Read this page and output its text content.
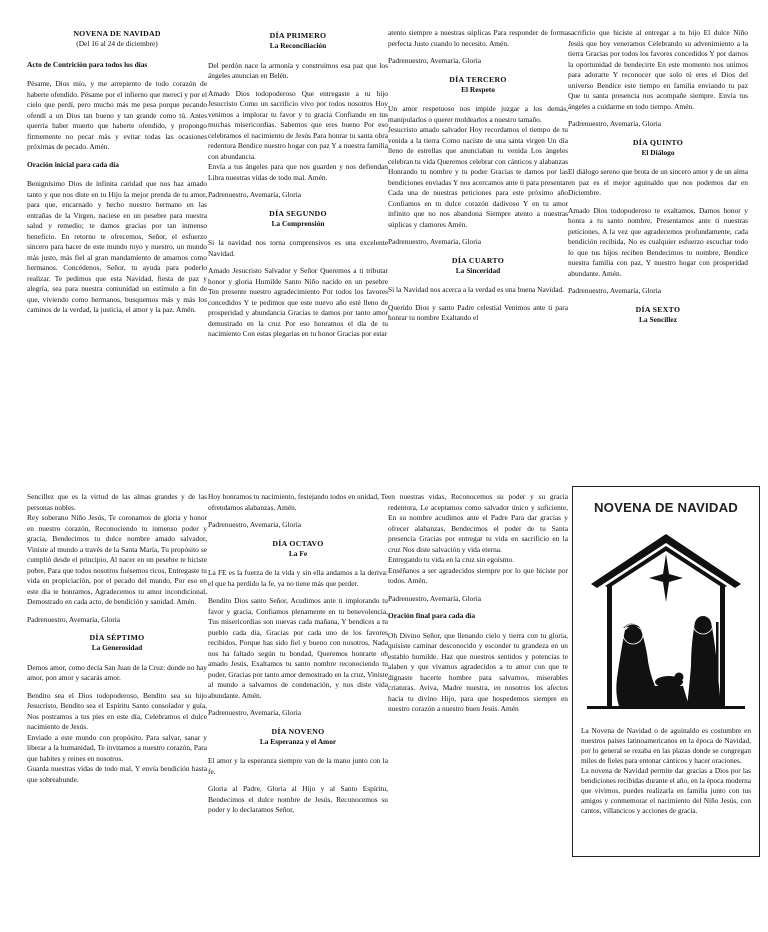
NOVENA DE NAVIDAD
(Del 16 al 24 de diciembre)
Acto de Contrición para todos los días

Pésame, Dios mío, y me arrepiento de todo corazón de haberte ofendido. Pésame por el infierno que merecí y por el cielo que perdí, pero mucho más me pesa porque pecando ofendí a un Dios tan bueno y tan grande como tú. Antes querría haber muerto que haberte ofendido, y propongo firmemente no pecar más y evitar todas las ocasiones próximas de pecado. Amén.

Oración inicial para cada día

Benignísimo Dios de infinita caridad que nos haz amado tanto y que nos diste en tu Hijo la mejor prenda de tu amor, para que, encarnado y hecho nuestro hermano en las entrañas de la Virgen, naciese en un pesebre para nuestra salud y remedio; te damos gracias por tan inmenso beneficio. En retorno te ofrecemos, Señor, el esfuerzo sincero para hacer de este mundo tuyo y nuestro, un mundo más justo, más fiel al gran mandamiento de amarnos como hermanos. Concédenos, Señor, tu ayuda para poderlo realizar. Te pedimos que esta Navidad, fiesta de paz y alegría, sea para nuestra comunidad un estímulo a fin de que, viviendo como hermanos, busquemos más y más los caminos de la verdad, la justicia, el amor y la paz. Amén.

DÍA PRIMERO
La Reconciliación

Del perdón nace la armonía y construimos esa paz que los ángeles anuncian en Belén.

Amado Dios todopoderoso Que entregaste a tu hijo Jesucristo Como un sacrificio vivo por todos nosotros Hoy venimos a implorar tu favor y tu gracia Confiando en tus muchas misericordias. Sabemos que eres bueno Por eso celebramos el nacimiento de Jesús Para honrar tu santa obra redentora Bendice nuestro hogar con paz Y a nuestra familia con abundancia.

Envía a tus ángeles para que nos guarden y nos defiendan Libra nuestras vidas de todo mal. Amén.

Padrenuestro, Avemaría, Gloria

DÍA SEGUNDO
La Comprensión

Si la navidad nos torna comprensivos es una excelente Navidad.

Amado Jesucristo Salvador y Señor Queremos a ti tributar honor y gloria Humilde Santo Niño nacido en un pesebre Ten presente nuestro agradecimiento Por todos los favores concedidos Y te pedimos que este nuevo año esté lleno de prosperidad y abundancia Gracias te damos por tanto amor demostrado en la cruz Por eso honramos el día de tu nacimiento Con estas plegarias en tu honor Gracias por estar

atento siempre a nuestras súplicas Para responder de forma perfecta Justo cuando lo necesito. Amén.

Padrenuestro, Avemaría, Gloria

DÍA TERCERO
El Respeto

Un amor respetuoso nos impide juzgar a los demás, manipularlos o querer moldearlos a nuestro tamaño.

Jesucristo amado salvador Hoy recordamos el tiempo de tu venida a la tierra Como naciste de una santa virgen Un día lleno de estrellas que anunciaban tu venida Los ángeles celebran tu vida Queremos celebrar con cánticos y alabanzas Honrando tu nombre y tu poder Gracias te damos por las bendiciones enviadas Y nos acercamos ante ti para presentar Cada una de nuestras peticiones para este próximo año Confiamos en tu dulce corazón dadivoso Y en tu amor infinito que no nos abandona Siempre atento a nuestras súplicas y clamores Amén.

Padrenuestro, Avemaría, Gloria

DÍA CUARTO
La Sinceridad

Si la Navidad nos acerca a la verdad es una buena Navidad.

Querido Dios y santo Padre celestial Venimos ante ti para honrar tu nombre Exaltando el

sacrificio que hiciste al entregar a tu hijo El dulce Niño Jesús que hoy veneramos Celebrando su advenimiento a la tierra Gracias por todos los favores concedidos Y por darnos la oportunidad de bendecirte En este momento nos unimos para adorarte Y reconocer que solo tú eres el Dios del universo Bendice este tiempo en familia enviando tu paz Que tu santa presencia nos acompañe siempre. Envía tus ángeles a cuidarme en todo tiempo. Amén.

Padrenuestro, Avemaría, Gloria

DÍA QUINTO
El Diálogo

El diálogo sereno que brota de un sincero amor y de un alma en paz es el mejor aguinaldo que nos podemos dar en Diciembre.

Amado Dios todopoderoso te exaltamos, Damos honor y honra a tu santo nombre, Presentamos ante ti nuestras peticiones, A la vez que agradecemos profundamente, cada bendición recibida, No es cualquier esfuerzo escuchar todo lo que tus hijos reciben Bendecimos tu nombre, Bendice nuestra familia con paz, Y nuestro hogar con prosperidad abundante. Amén.

Padrenuestro, Avemaría, Gloria

DÍA SEXTO
La Sencillez

Sencillez que es la virtud de las almas grandes y de las personas nobles.

Rey soberano Niño Jesús, Te coronamos de gloria y honor en nuestro corazón, Reconociendo tu inmenso poder y gracia, Bendecimos tu dulce nombre amado salvador, Viniste al mundo a través de la Santa María, Tu propósito se cumplió desde el principio, Al nacer en un pesebre te hiciste pobre, Para que todos nosotros fuésemos ricos, Entregaste tu vida en propiciación, por el pecado del mundo, Por eso en este día te honramos, Agradecemos tu amor incondicional, Demostrado en cada acto, de bendición y sanidad. Amén.

Padrenuestro, Avemaría, Gloria

DÍA SÉPTIMO
La Generosidad

Demos amor, como decía San Juan de la Cruz: donde no hay amor, pon amor y sacarás amor.

Bendito sea el Dios todopoderoso, Bendito sea su hijo Jesucristo, Bendito sea el Espíritu Santo consolador y guía, Nos postramos a tus pies en este día, Celebramos el dulce nacimiento de Jesús.

Enviado a este mundo con propósito, Para salvar, sanar y liberar a la humanidad, Te invitamos a nuestro corazón, Para que habites y reines en nosotros.

Guarda nuestras vidas de todo mal, Y envía bendición hasta que sobreabunde.

Hoy honramos tu nacimiento, festejando todos en unidad, Te ofrendamos alabanzas. Amén.

Padrenuestro, Avemaría, Gloria

DÍA OCTAVO
La Fe

La FE es la fuerza de la vida y sin ella andamos a la deriva: el que ha perdido la fe, ya no tiene más que perder.

Bendito Dios santo Señor, Acudimos ante ti implorando tu favor y gracia, Confiamos plenamente en tu benevolencia, Tus misericordias son nuevas cada mañana, Y bendices a tu pueblo cada día, Gracias por cada uno de los favores recibidos, Porque has sido fiel y bueno con nosotros, Nada nos ha faltado según tu bondad, Queremos honrarte oh amado Jesús, Exaltamos tu santo nombre reconociendo tu poder, Gracias por tanto amor demostrado en la cruz, Viniste al mundo a salvarnos de condenación, y nos diste vida abundante. Amén.

Padrenuestro, Avemaría, Gloria

DÍA NOVENO
La Esperanza y el Amor

El amor y la esperanza siempre van de la mano junto con la fe.

Gloria al Padre, Gloria al Hijo y al Santo Espíritu, Bendecimos el dulce nombre de Jesús, Reconocemos su poder y lo declaramos Señor,

en nuestras vidas, Reconocemos su poder y su gracia redentora, Le aceptamos como salvador único y suficiente, En su nombre acudimos ante el Padre Para dar gracias y ofrecer alabanzas, Bendecimos el poder de tu Santa presencia Gracias por entregar tu vida en sacrificio en la cruz Nos diste salvación y vida eterna.

Entregando tu vida en la cruz sin egoísmo.

Enséñanos a ser agradecidos siempre por lo que hiciste por todos. Amén.

Padrenuestro, Avemaría, Gloria

Oración final para cada día

Oh Divino Señor, que llenando cielo y tierra con tu gloria, quisiste caminar desconocido y esconder tu grandeza en un establo humilde. Haz que nuestros sentidos y potencias te alaben y que vivamos agradecidos a tu amor con que te dignaste hacerte hombre para salvarnos, miserables criaturas. Aviva, Madre nuestra, en nosotros los afectos hacia tu divino Hijo, para que hospedemos siempre en nuestro corazón a nuestro buen Jesús. Amén

NOVENA DE NAVIDAD

La Novena de Navidad o de aguinaldo es costumbre en nuestros países latinoamericanos en la época de Navidad, por lo general se rezaba en las plazas donde se congregan miles de fieles para entonar cánticos y hacer oraciones.

La novena de Navidad permite dar gracias a Dios por las bendiciones recibidas durante el año, en la época moderna que vivimos, puedes realizarla en familia junto con tus amigos y conmemorar el nacimiento del Niño Jesús, con cantos, villancicos y acciones de gracia.
